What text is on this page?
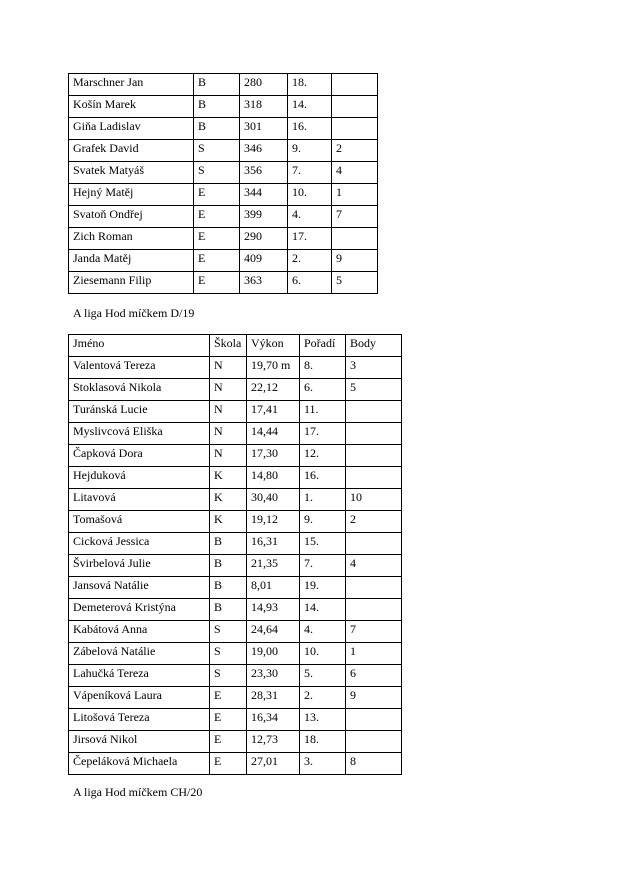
Marschner Jan	B	280	18.	
Košín Marek	B	318	14.	
Giňa Ladislav	B	301	16.	
Grafek David	S	346	9.	2
Svatek Matyáš	S	356	7.	4
Hejný Matěj	E	344	10.	1
Svatoň Ondřej	E	399	4.	7
Zich Roman	E	290	17.	
Janda Matěj	E	409	2.	9
Ziesemann Filip	E	363	6.	5
A liga Hod míčkem D/19
Jméno	Škola	Výkon	Pořadí	Body
Valentová Tereza	N	19,70 m	8.	3
Stoklasová Nikola	N	22,12	6.	5
Turánská Lucie	N	17,41	11.	
Myslivcová Eliška	N	14,44	17.	
Čapková Dora	N	17,30	12.	
Hejduková	K	14,80	16.	
Litavová	K	30,40	1.	10
Tomašová	K	19,12	9.	2
Cicková Jessica	B	16,31	15.	
Švirbelová Julie	B	21,35	7.	4
Jansová Natálie	B	8,01	19.	
Demeterová Kristýna	B	14,93	14.	
Kabátová Anna	S	24,64	4.	7
Zábelová Natálie	S	19,00	10.	1
Lahučká Tereza	S	23,30	5.	6
Vápeníková Laura	E	28,31	2.	9
Litošová Tereza	E	16,34	13.	
Jirsová Nikol	E	12,73	18.	
Čepeláková Michaela	E	27,01	3.	8
A liga Hod míčkem CH/20
